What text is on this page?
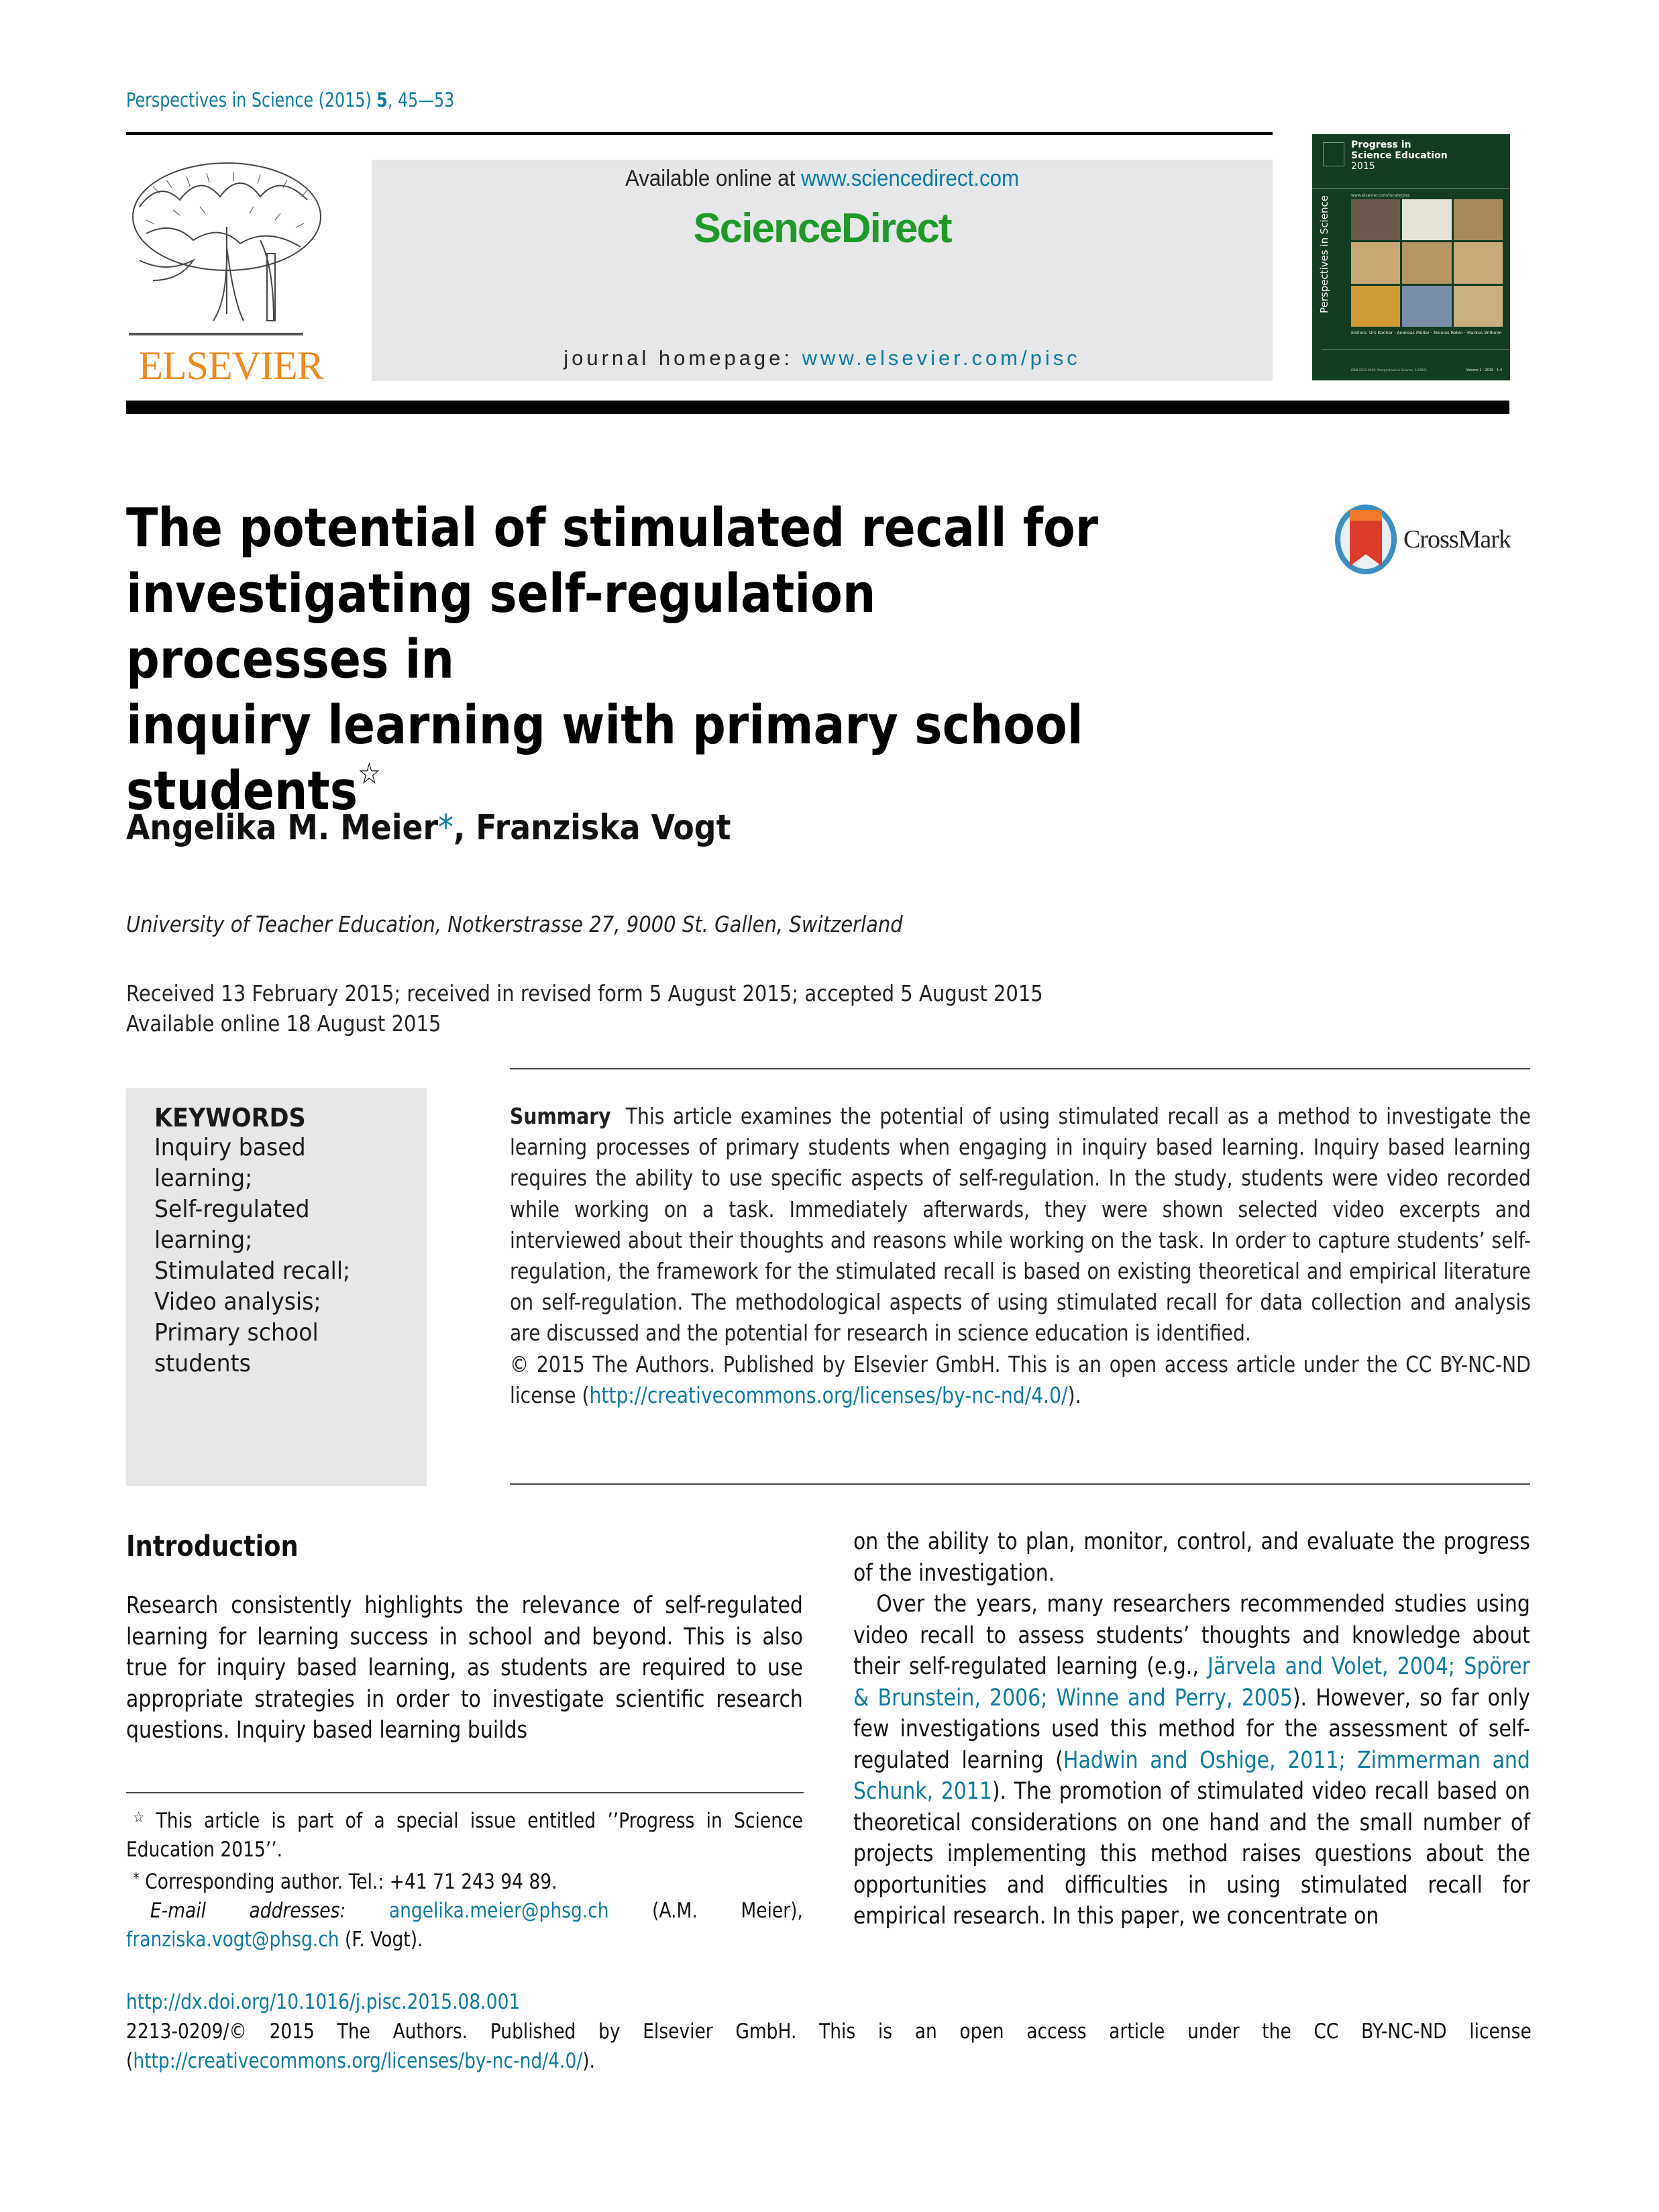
Perspectives in Science (2015) 5, 45—53
ELSEVIER
Available online at www.sciencedirect.com
ScienceDirect
journal homepage: www.elsevier.com/pisc
Progress in
Science Education
2015
www.elsevier.com/locate/pisc
Perspectives in Science
Editors: Urs Kocher · Andreas Müller · Nicolas Robin · Markus Wilhelm
ISSN 2213-0209, Perspectives in Science, 1(2015)	Volume 1 · 2015 · 1-4
The potential of stimulated recall for
investigating self-regulation processes in
inquiry learning with primary school
students☆
CrossMark
Angelika M. Meier*, Franziska Vogt
University of Teacher Education, Notkerstrasse 27, 9000 St. Gallen, Switzerland
Received 13 February 2015; received in revised form 5 August 2015; accepted 5 August 2015
Available online 18 August 2015
KEYWORDS
Inquiry based
learning;
Self-regulated
learning;
Stimulated recall;
Video analysis;
Primary school
students
Summary This article examines the potential of using stimulated recall as a method to investigate the learning processes of primary students when engaging in inquiry based learning. Inquiry based learning requires the ability to use specific aspects of self-regulation. In the study, students were video recorded while working on a task. Immediately afterwards, they were shown selected video excerpts and interviewed about their thoughts and reasons while working on the task. In order to capture students’ self-regulation, the framework for the stimulated recall is based on existing theoretical and empirical literature on self-regulation. The methodological aspects of using stimulated recall for data collection and analysis are discussed and the potential for research in science education is identified.
© 2015 The Authors. Published by Elsevier GmbH. This is an open access article under the CC BY-NC-ND license (http://creativecommons.org/licenses/by-nc-nd/4.0/).
Introduction
Research consistently highlights the relevance of self-regulated learning for learning success in school and beyond. This is also true for inquiry based learning, as students are required to use appropriate strategies in order to investigate scientific research questions. Inquiry based learning builds
☆ This article is part of a special issue entitled ’’Progress in Science Education 2015’’.
* Corresponding author. Tel.: +41 71 243 94 89.
E-mail addresses: angelika.meier@phsg.ch (A.M. Meier), franziska.vogt@phsg.ch (F. Vogt).
on the ability to plan, monitor, control, and evaluate the progress of the investigation.
Over the years, many researchers recommended studies using video recall to assess students’ thoughts and knowledge about their self-regulated learning (e.g., Järvela and Volet, 2004; Spörer & Brunstein, 2006; Winne and Perry, 2005). However, so far only few investigations used this method for the assessment of self-regulated learning (Hadwin and Oshige, 2011; Zimmerman and Schunk, 2011). The promotion of stimulated video recall based on theoretical considerations on one hand and the small number of projects implementing this method raises questions about the opportunities and difficulties in using stimulated recall for empirical research. In this paper, we concentrate on
http://dx.doi.org/10.1016/j.pisc.2015.08.001
2213-0209/© 2015 The Authors. Published by Elsevier GmbH. This is an open access article under the CC BY-NC-ND license (http://creativecommons.org/licenses/by-nc-nd/4.0/).
